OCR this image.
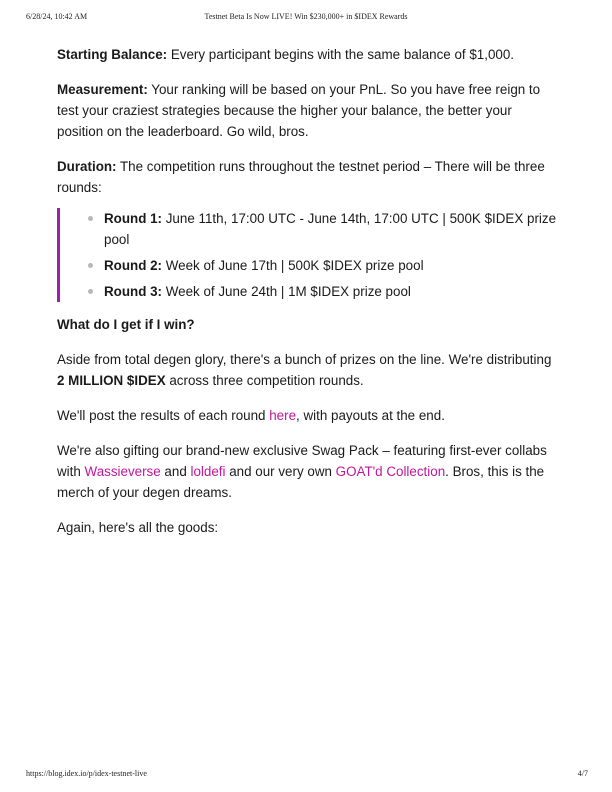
6/28/24, 10:42 AM	Testnet Beta Is Now LIVE! Win $230,000+ in $IDEX Rewards

Starting Balance: Every participant begins with the same balance of $1,000.

Measurement: Your ranking will be based on your PnL. So you have free reign to test your craziest strategies because the higher your balance, the better your position on the leaderboard. Go wild, bros.

Duration: The competition runs throughout the testnet period – There will be three rounds:

Round 1: June 11th, 17:00 UTC - June 14th, 17:00 UTC | 500K $IDEX prize pool
Round 2: Week of June 17th | 500K $IDEX prize pool
Round 3: Week of June 24th | 1M $IDEX prize pool

What do I get if I win?

Aside from total degen glory, there's a bunch of prizes on the line. We're distributing 2 MILLION $IDEX across three competition rounds.

We'll post the results of each round here, with payouts at the end.

We're also gifting our brand-new exclusive Swag Pack – featuring first-ever collabs with Wassieverse and loldefi and our very own GOAT'd Collection. Bros, this is the merch of your degen dreams.

Again, here's all the goods:

https://blog.idex.io/p/idex-testnet-live	4/7
